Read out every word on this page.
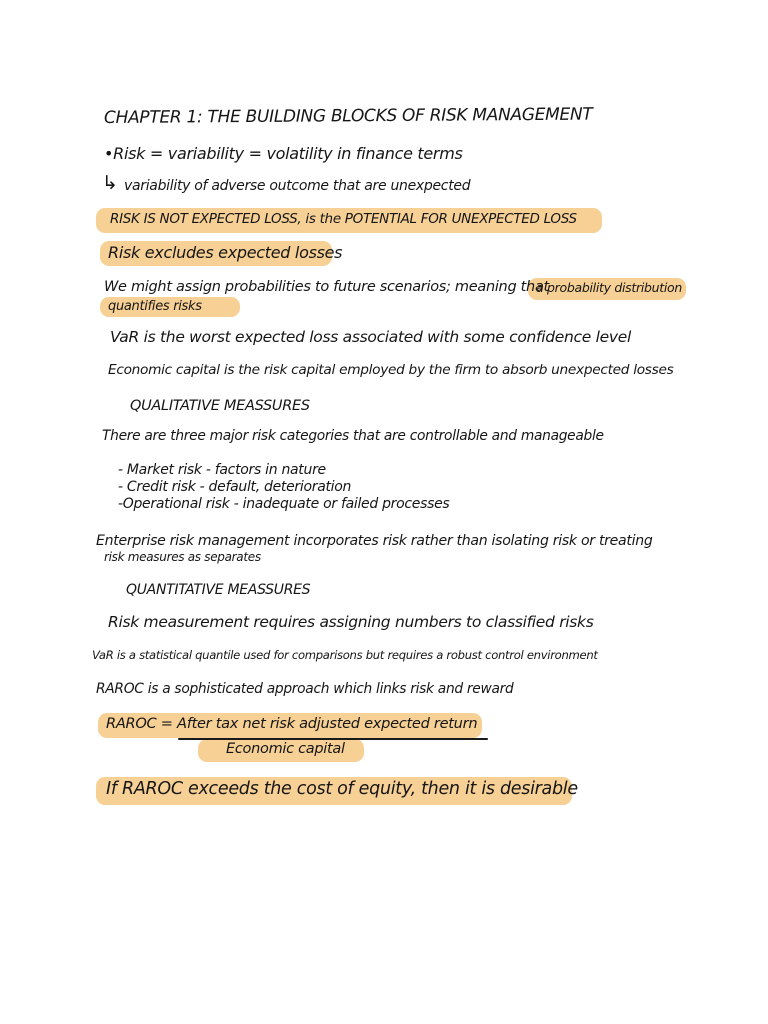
CHAPTER 1: THE BUILDING BLOCKS OF RISK MANAGEMENT
•Risk = variability = volatility in finance terms
↳ variability of adverse outcome that are unexpected
RISK IS NOT EXPECTED LOSS, is the POTENTIAL FOR UNEXPECTED LOSS
Risk excludes expected losses
We might assign probabilities to future scenarios; meaning that
a probability distribution
quantifies risks
VaR is the worst expected loss associated with some confidence level
Economic capital is the risk capital employed by the firm to absorb unexpected losses
QUALITATIVE MEASSURES
There are three major risk categories that are controllable and manageable
- Market risk - factors in nature
- Credit risk - default, deterioration
-Operational risk - inadequate or failed processes
Enterprise risk management incorporates risk rather than isolating risk or treating
risk measures as separates
QUANTITATIVE MEASSURES
Risk measurement requires assigning numbers to classified risks
VaR is a statistical quantile used for comparisons but requires a robust control environment
RAROC is a sophisticated approach which links risk and reward
RAROC = After tax net risk adjusted expected return
Economic capital
If RAROC exceeds the cost of equity, then it is desirable
